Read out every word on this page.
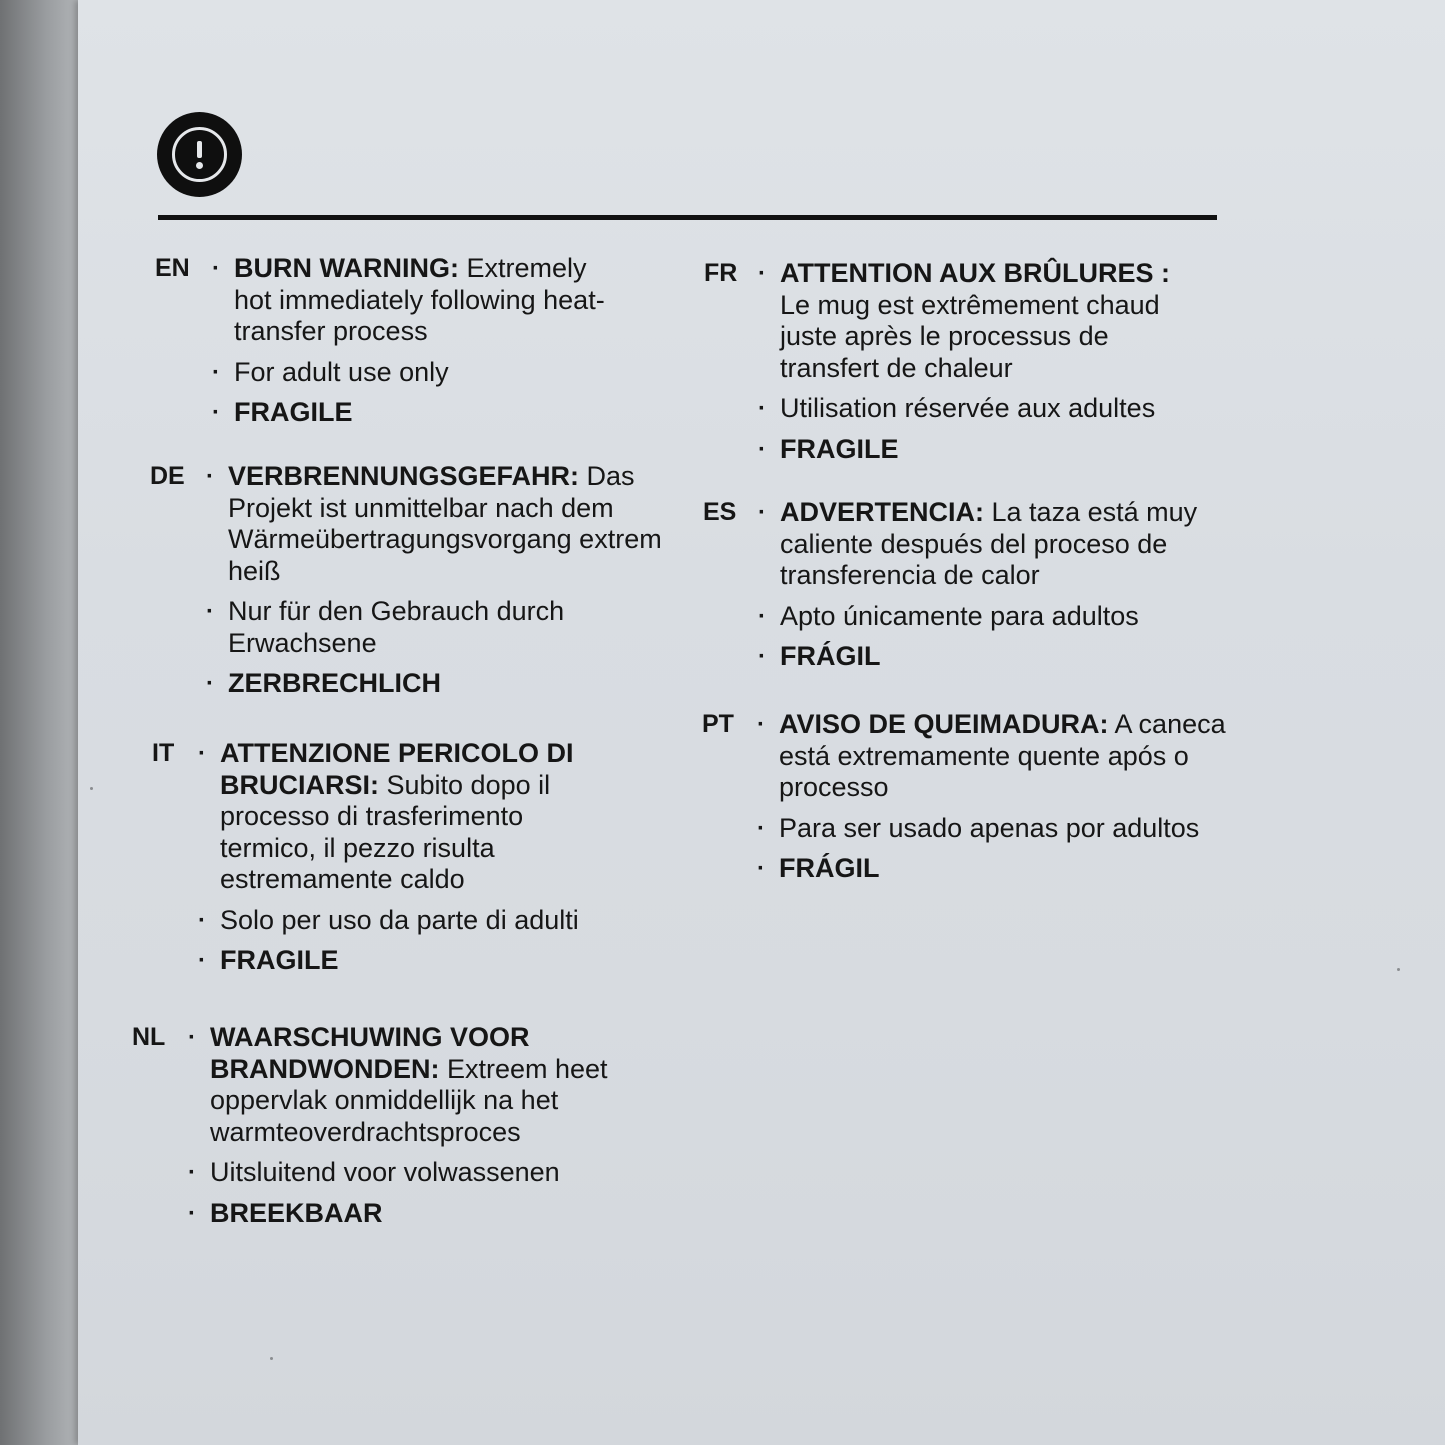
EN · BURN WARNING: Extremely hot immediately following heat-transfer process
· For adult use only
· FRAGILE
DE · VERBRENNUNGSGEFAHR: Das Projekt ist unmittelbar nach dem Wärmeübertragungsvorgang extrem heiß
· Nur für den Gebrauch durch Erwachsene
· ZERBRECHLICH
IT · ATTENZIONE PERICOLO DI BRUCIARSI: Subito dopo il processo di trasferimento termico, il pezzo risulta estremamente caldo
· Solo per uso da parte di adulti
· FRAGILE
NL · WAARSCHUWING VOOR BRANDWONDEN: Extreem heet oppervlak onmiddellijk na het warmteoverdrachtsproces
· Uitsluitend voor volwassenen
· BREEKBAAR
FR · ATTENTION AUX BRÛLURES : Le mug est extrêmement chaud juste après le processus de transfert de chaleur
· Utilisation réservée aux adultes
· FRAGILE
ES · ADVERTENCIA: La taza está muy caliente después del proceso de transferencia de calor
· Apto únicamente para adultos
· FRÁGIL
PT · AVISO DE QUEIMADURA: A caneca está extremamente quente após o processo
· Para ser usado apenas por adultos
· FRÁGIL
